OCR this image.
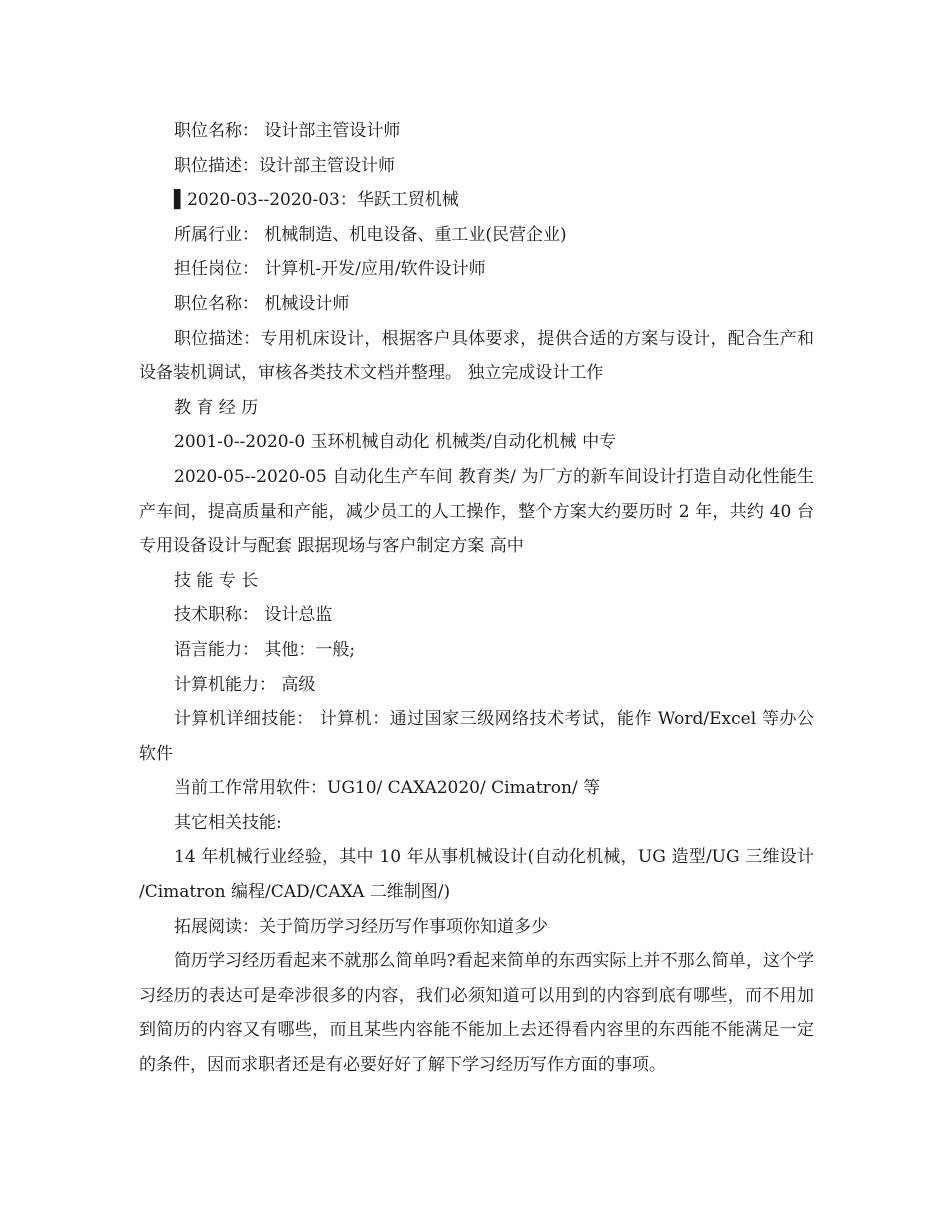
职位名称： 设计部主管设计师

职位描述：设计部主管设计师

▌2020-03--2020-03：华跃工贸机械

所属行业： 机械制造、机电设备、重工业(民营企业)

担任岗位： 计算机-开发/应用/软件设计师

职位名称： 机械设计师

职位描述：专用机床设计，根据客户具体要求，提供合适的方案与设计，配合生产和设备装机调试，审核各类技术文档并整理。 独立完成设计工作

教 育 经 历

2001-0--2020-0 玉环机械自动化 机械类/自动化机械 中专

2020-05--2020-05 自动化生产车间 教育类/ 为厂方的新车间设计打造自动化性能生产车间，提高质量和产能，减少员工的人工操作，整个方案大约要历时 2 年，共约 40 台专用设备设计与配套 跟据现场与客户制定方案 高中

技 能 专 长

技术职称： 设计总监

语言能力： 其他：一般;

计算机能力： 高级

计算机详细技能： 计算机：通过国家三级网络技术考试，能作 Word/Excel 等办公软件

当前工作常用软件：UG10/ CAXA2020/ Cimatron/ 等

其它相关技能:

14 年机械行业经验，其中 10 年从事机械设计(自动化机械，UG 造型/UG 三维设计 /Cimatron 编程/CAD/CAXA 二维制图/)

拓展阅读：关于简历学习经历写作事项你知道多少

简历学习经历看起来不就那么简单吗?看起来简单的东西实际上并不那么简单，这个学习经历的表达可是牵涉很多的内容，我们必须知道可以用到的内容到底有哪些，而不用加到简历的内容又有哪些，而且某些内容能不能加上去还得看内容里的东西能不能满足一定的条件，因而求职者还是有必要好好了解下学习经历写作方面的事项。
